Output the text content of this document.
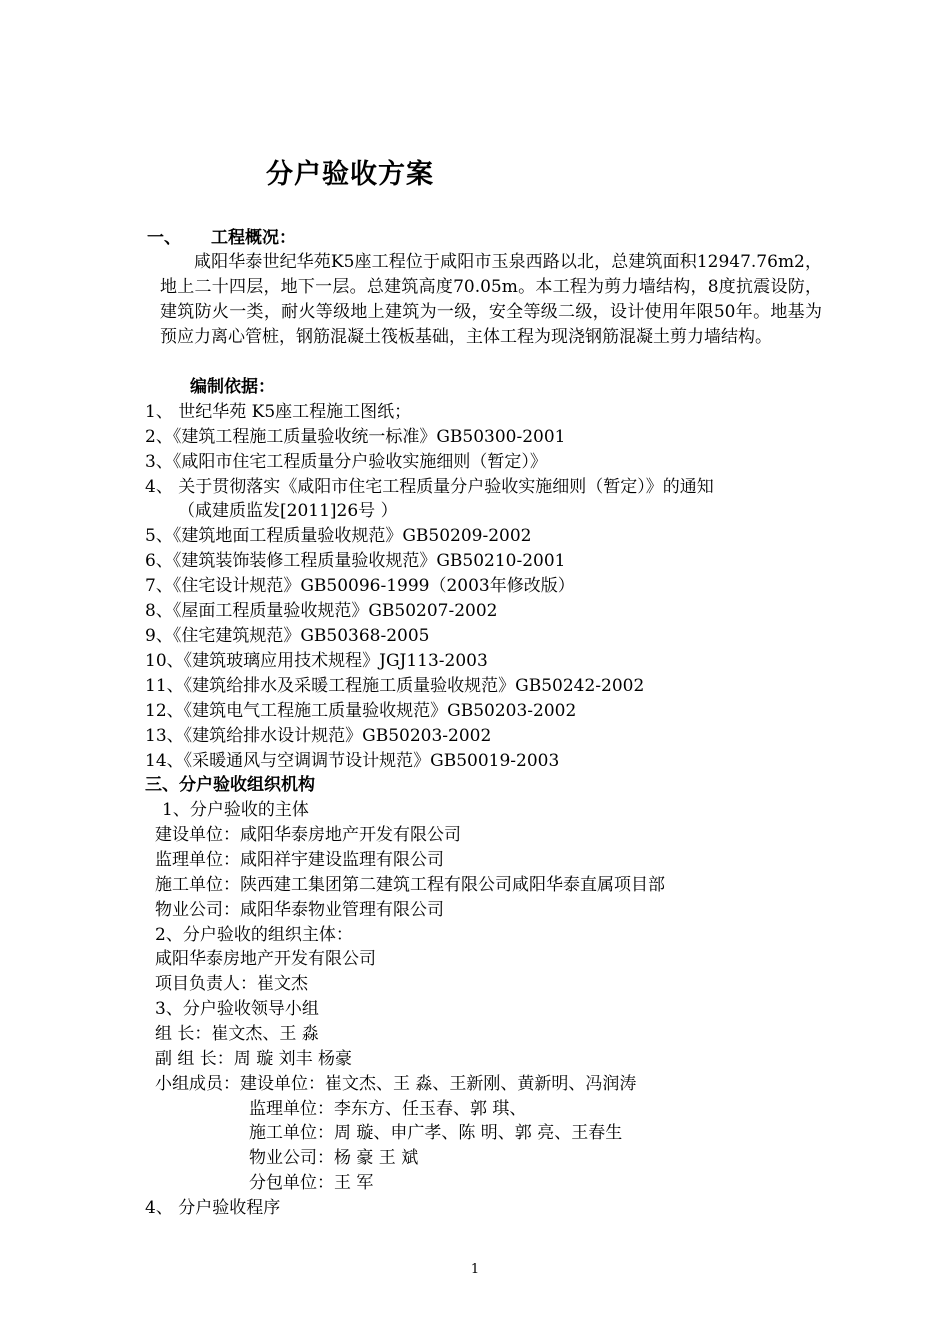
分户验收方案
一、 工程概况：
咸阳华泰世纪华苑K5座工程位于咸阳市玉泉西路以北，总建筑面积12947.76m2，地上二十四层，地下一层。总建筑高度70.05m。本工程为剪力墙结构，8度抗震设防，建筑防火一类，耐火等级地上建筑为一级，安全等级二级，设计使用年限50年。地基为预应力离心管桩，钢筋混凝土筏板基础，主体工程为现浇钢筋混凝土剪力墙结构。
编制依据：
1、 世纪华苑 K5座工程施工图纸；
2、《建筑工程施工质量验收统一标准》GB50300-2001
3、《咸阳市住宅工程质量分户验收实施细则（暂定）》
4、 关于贯彻落实《咸阳市住宅工程质量分户验收实施细则（暂定）》的通知
（咸建质监发[2011]26号 ）
5、《建筑地面工程质量验收规范》GB50209-2002
6、《建筑装饰装修工程质量验收规范》GB50210-2001
7、《住宅设计规范》GB50096-1999（2003年修改版）
8、《屋面工程质量验收规范》GB50207-2002
9、《住宅建筑规范》GB50368-2005
10、《建筑玻璃应用技术规程》JGJ113-2003
11、《建筑给排水及采暖工程施工质量验收规范》GB50242-2002
12、《建筑电气工程施工质量验收规范》GB50203-2002
13、《建筑给排水设计规范》GB50203-2002
14、《采暖通风与空调调节设计规范》GB50019-2003
三、分户验收组织机构
1、分户验收的主体
建设单位：咸阳华泰房地产开发有限公司
监理单位：咸阳祥宇建设监理有限公司
施工单位：陕西建工集团第二建筑工程有限公司咸阳华泰直属项目部
物业公司：咸阳华泰物业管理有限公司
2、分户验收的组织主体：
咸阳华泰房地产开发有限公司
项目负责人：崔文杰
3、分户验收领导小组
组 长：崔文杰、王 淼
副 组 长：周 璇 刘丰 杨豪
小组成员：建设单位：崔文杰、王 淼、王新刚、黄新明、冯润涛
监理单位：李东方、任玉春、郭 琪、
施工单位：周 璇、申广孝、陈 明、郭 亮、王春生
物业公司：杨 豪 王 斌
分包单位：王 军
4、 分户验收程序
1
